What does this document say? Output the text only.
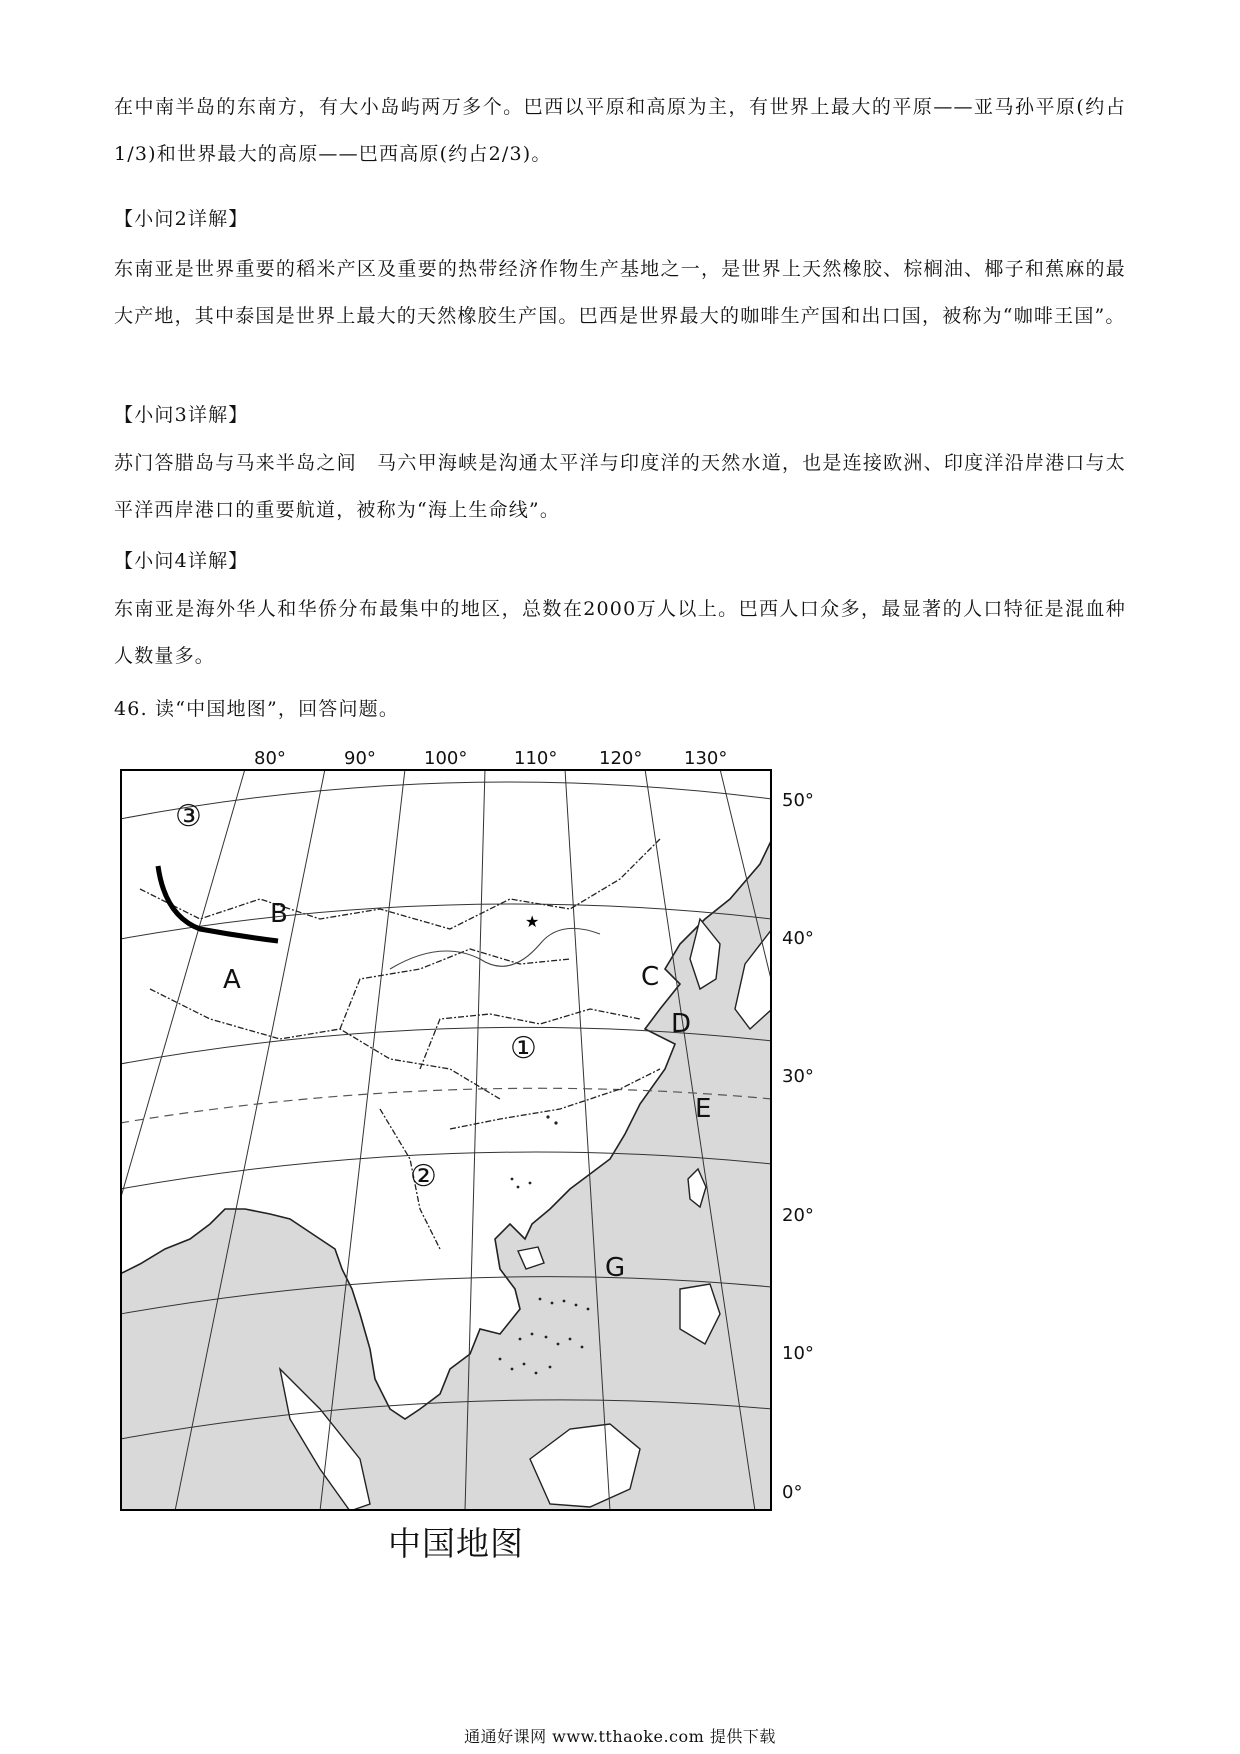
在中南半岛的东南方，有大小岛屿两万多个。巴西以平原和高原为主，有世界上最大的平原——亚马孙平原(约占1/3)和世界最大的高原——巴西高原(约占2/3)。

【小问2详解】

东南亚是世界重要的稻米产区及重要的热带经济作物生产基地之一，是世界上天然橡胶、棕榈油、椰子和蕉麻的最大产地，其中泰国是世界上最大的天然橡胶生产国。巴西是世界最大的咖啡生产国和出口国，被称为“咖啡王国”。

【小问3详解】

苏门答腊岛与马来半岛之间　马六甲海峡是沟通太平洋与印度洋的天然水道，也是连接欧洲、印度洋沿岸港口与太平洋西岸港口的重要航道，被称为“海上生命线”。

【小问4详解】

东南亚是海外华人和华侨分布最集中的地区，总数在2000万人以上。巴西人口众多，最显著的人口特征是混血种人数量多。

46. 读“中国地图”，回答问题。

★
A
B
C
D
E
G
①
②
③
80°	90°	100°	110° 120° 130°
50°
40°
30°
20°
10°
0°

中国地图

通通好课网 www.tthaoke.com 提供下载
